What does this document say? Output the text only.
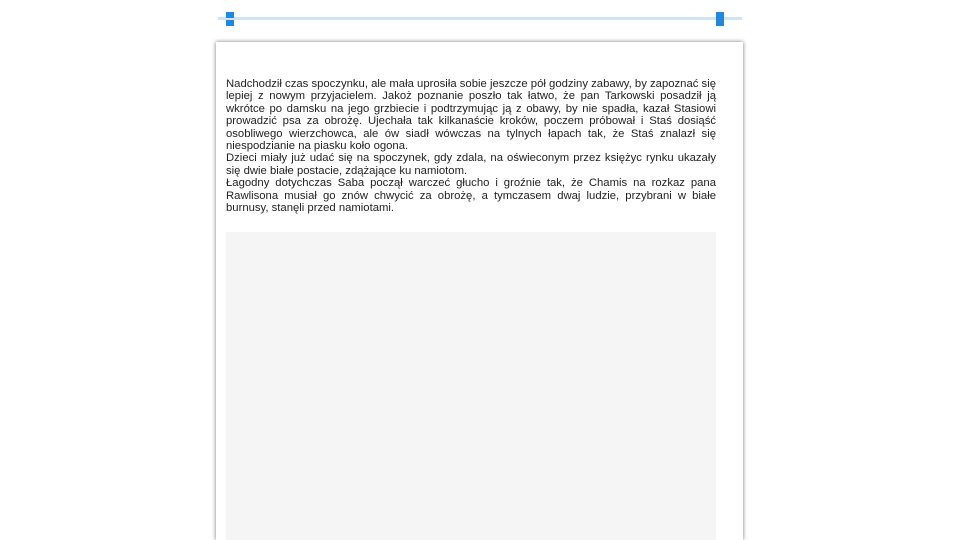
Nadchodził czas spoczynku, ale mała uprosiła sobie jeszcze pół godziny zabawy, by zapoznać się lepiej z nowym przyjacielem. Jakoż poznanie poszło tak łatwo, że pan Tarkowski posadził ją wkrótce po damsku na jego grzbiecie i podtrzymując ją z obawy, by nie spadła, kazał Stasiowi prowadzić psa za obrożę. Ujechała tak kilkanaście kroków, poczem próbował i Staś dosiąść osobliwego wierzchowca, ale ów siadł wówczas na tylnych łapach tak, że Staś znalazł się niespodzianie na piasku koło ogona.

Dzieci miały już udać się na spoczynek, gdy zdala, na oświeconym przez księżyc rynku ukazały się dwie białe postacie, zdążające ku namiotom.

Łagodny dotychczas Saba począł warczeć głucho i groźnie tak, że Chamis na rozkaz pana Rawlisona musiał go znów chwycić za obrożę, a tymczasem dwaj ludzie, przybrani w białe burnusy, stanęli przed namiotami.
